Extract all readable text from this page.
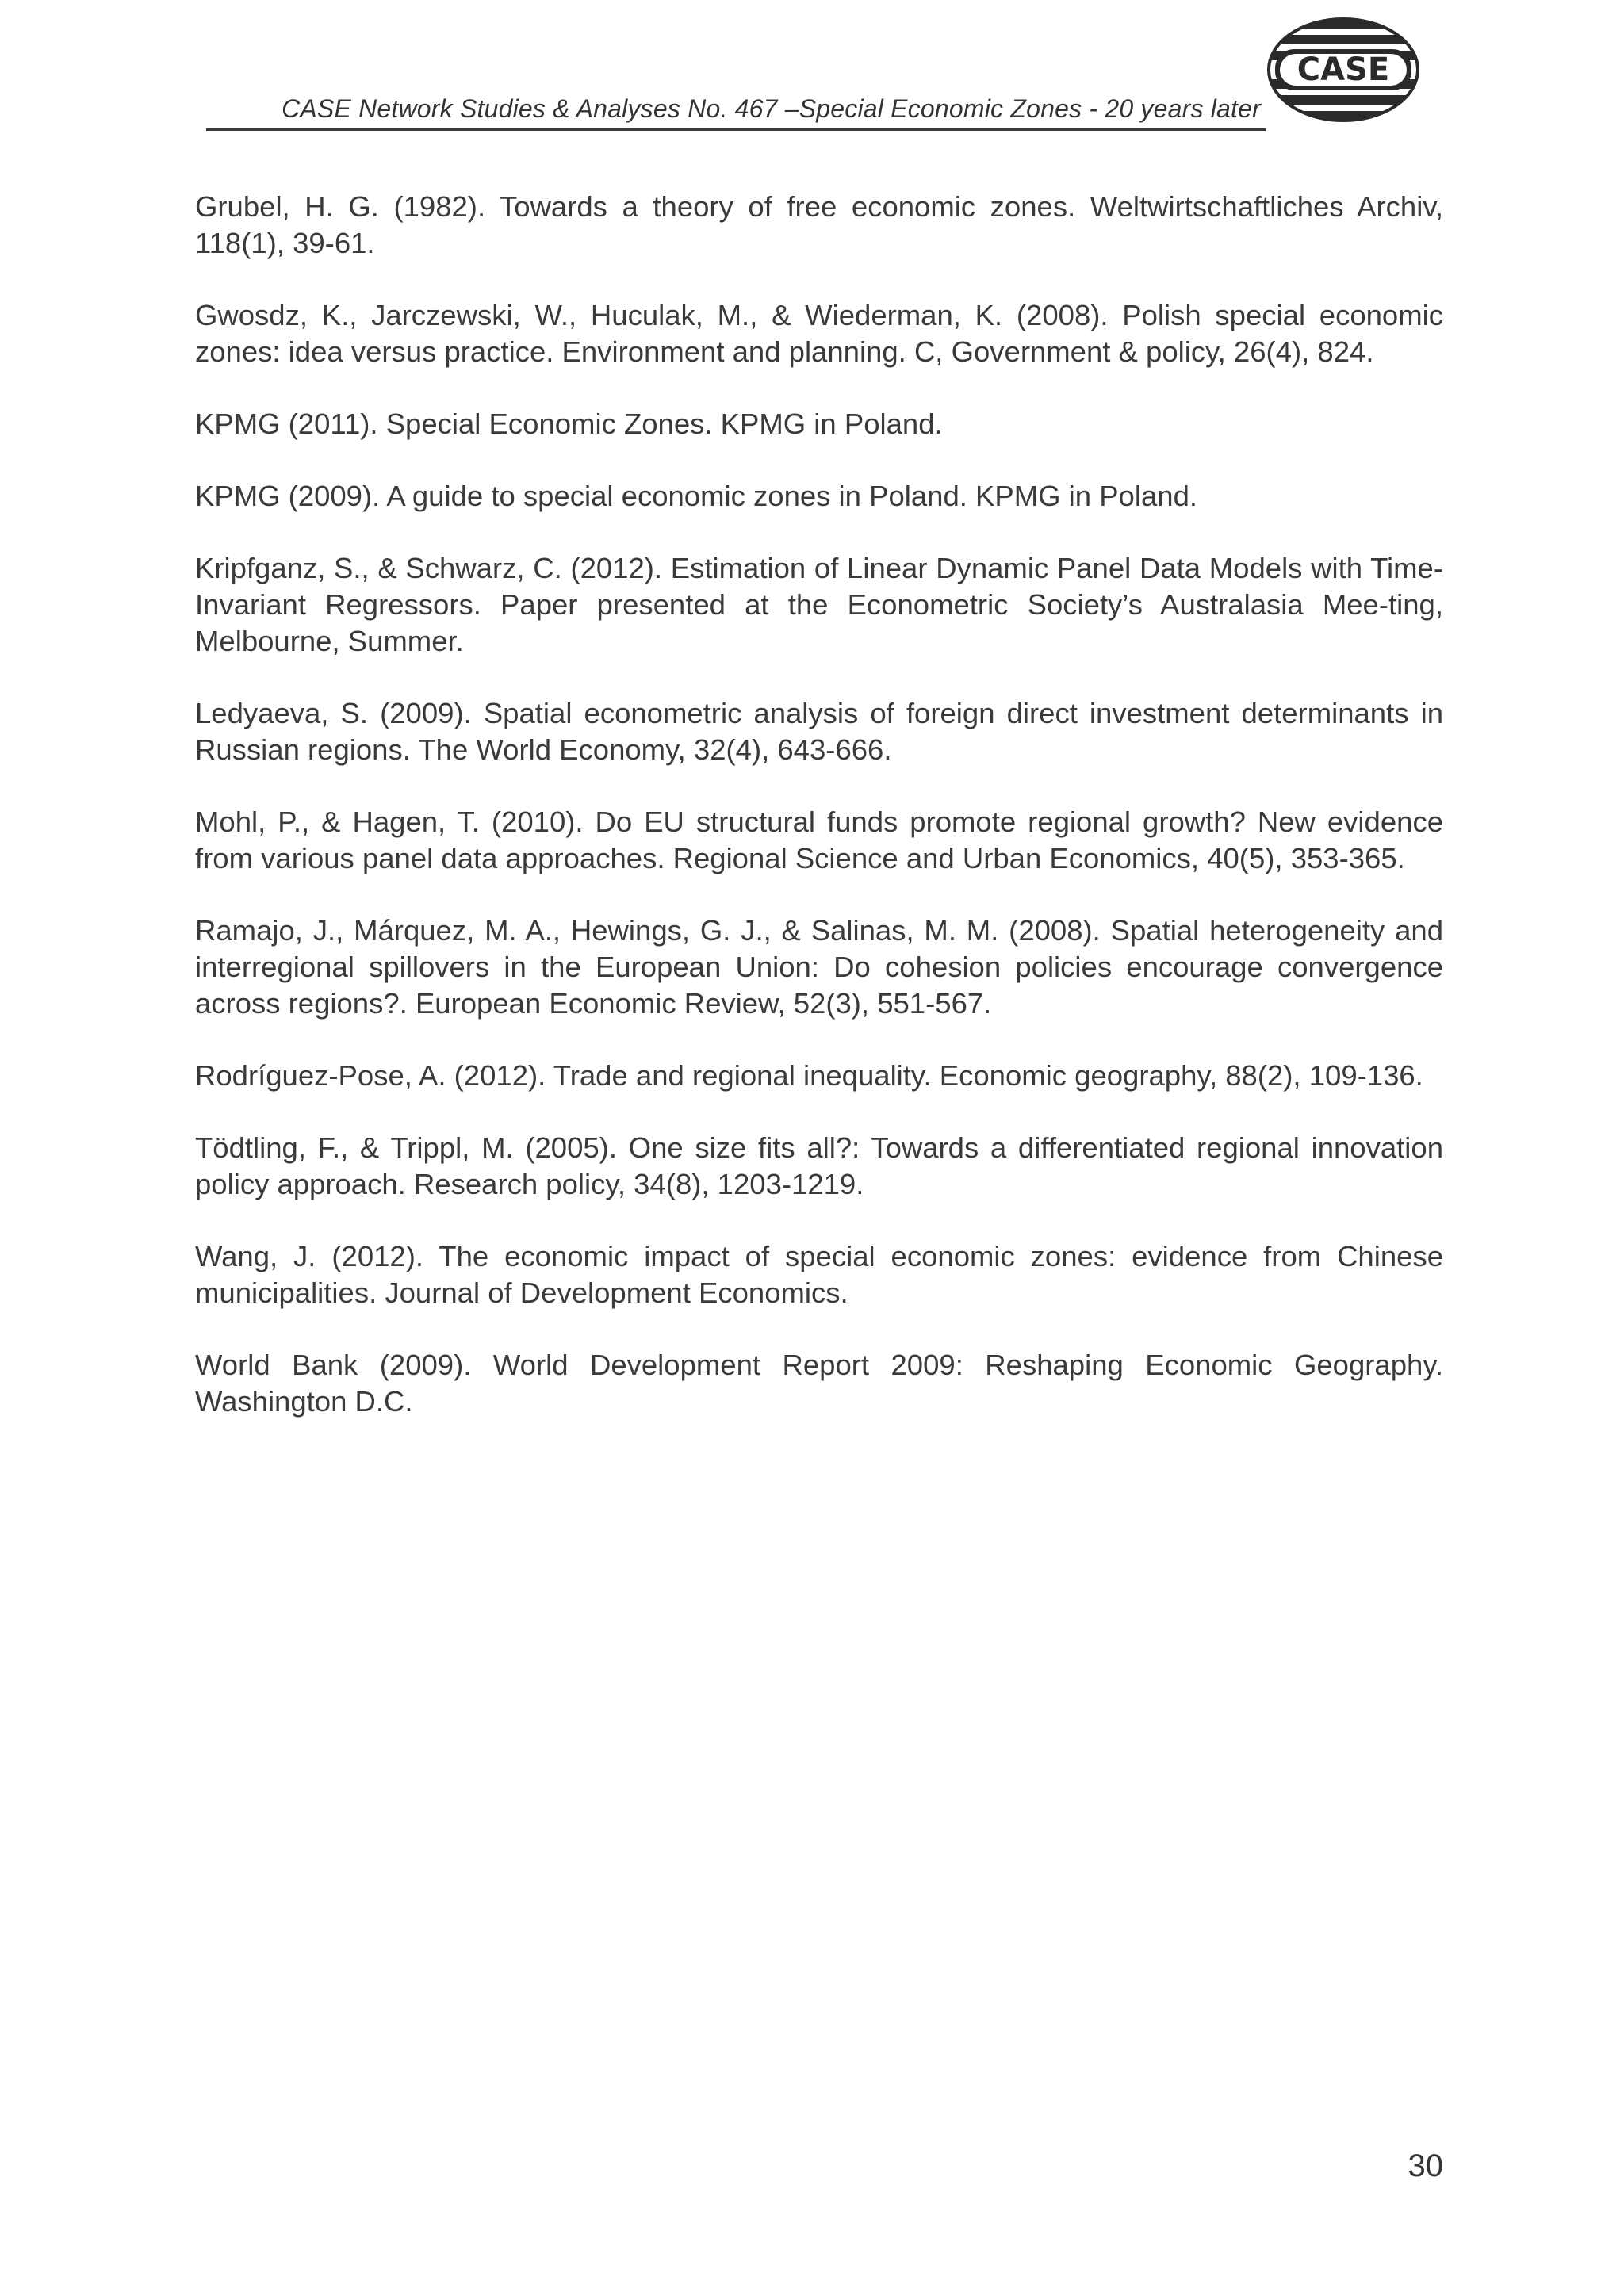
CASE Network Studies & Analyses No. 467 –Special Economic Zones - 20 years later
CASE
Grubel, H. G. (1982). Towards a theory of free economic zones. Weltwirtschaftliches Archiv, 118(1), 39-61.
Gwosdz, K., Jarczewski, W., Huculak, M., & Wiederman, K. (2008). Polish special economic zones: idea versus practice. Environment and planning. C, Government & policy, 26(4), 824.
KPMG (2011). Special Economic Zones. KPMG in Poland.
KPMG (2009). A guide to special economic zones in Poland. KPMG in Poland.
Kripfganz, S., & Schwarz, C. (2012). Estimation of Linear Dynamic Panel Data Models with Time-Invariant Regressors. Paper presented at the Econometric Society’s Australasia Mee-ting, Melbourne, Summer.
Ledyaeva, S. (2009). Spatial econometric analysis of foreign direct investment determinants in Russian regions. The World Economy, 32(4), 643-666.
Mohl, P., & Hagen, T. (2010). Do EU structural funds promote regional growth? New evidence from various panel data approaches. Regional Science and Urban Economics, 40(5), 353-365.
Ramajo, J., Márquez, M. A., Hewings, G. J., & Salinas, M. M. (2008). Spatial heterogeneity and interregional spillovers in the European Union: Do cohesion policies encourage convergence across regions?. European Economic Review, 52(3), 551-567.
Rodríguez-Pose, A. (2012). Trade and regional inequality. Economic geography, 88(2), 109-136.
Tödtling, F., & Trippl, M. (2005). One size fits all?: Towards a differentiated regional innovation policy approach. Research policy, 34(8), 1203-1219.
Wang, J. (2012). The economic impact of special economic zones: evidence from Chinese municipalities. Journal of Development Economics.
World Bank (2009). World Development Report 2009: Reshaping Economic Geography. Washington D.C.
30
